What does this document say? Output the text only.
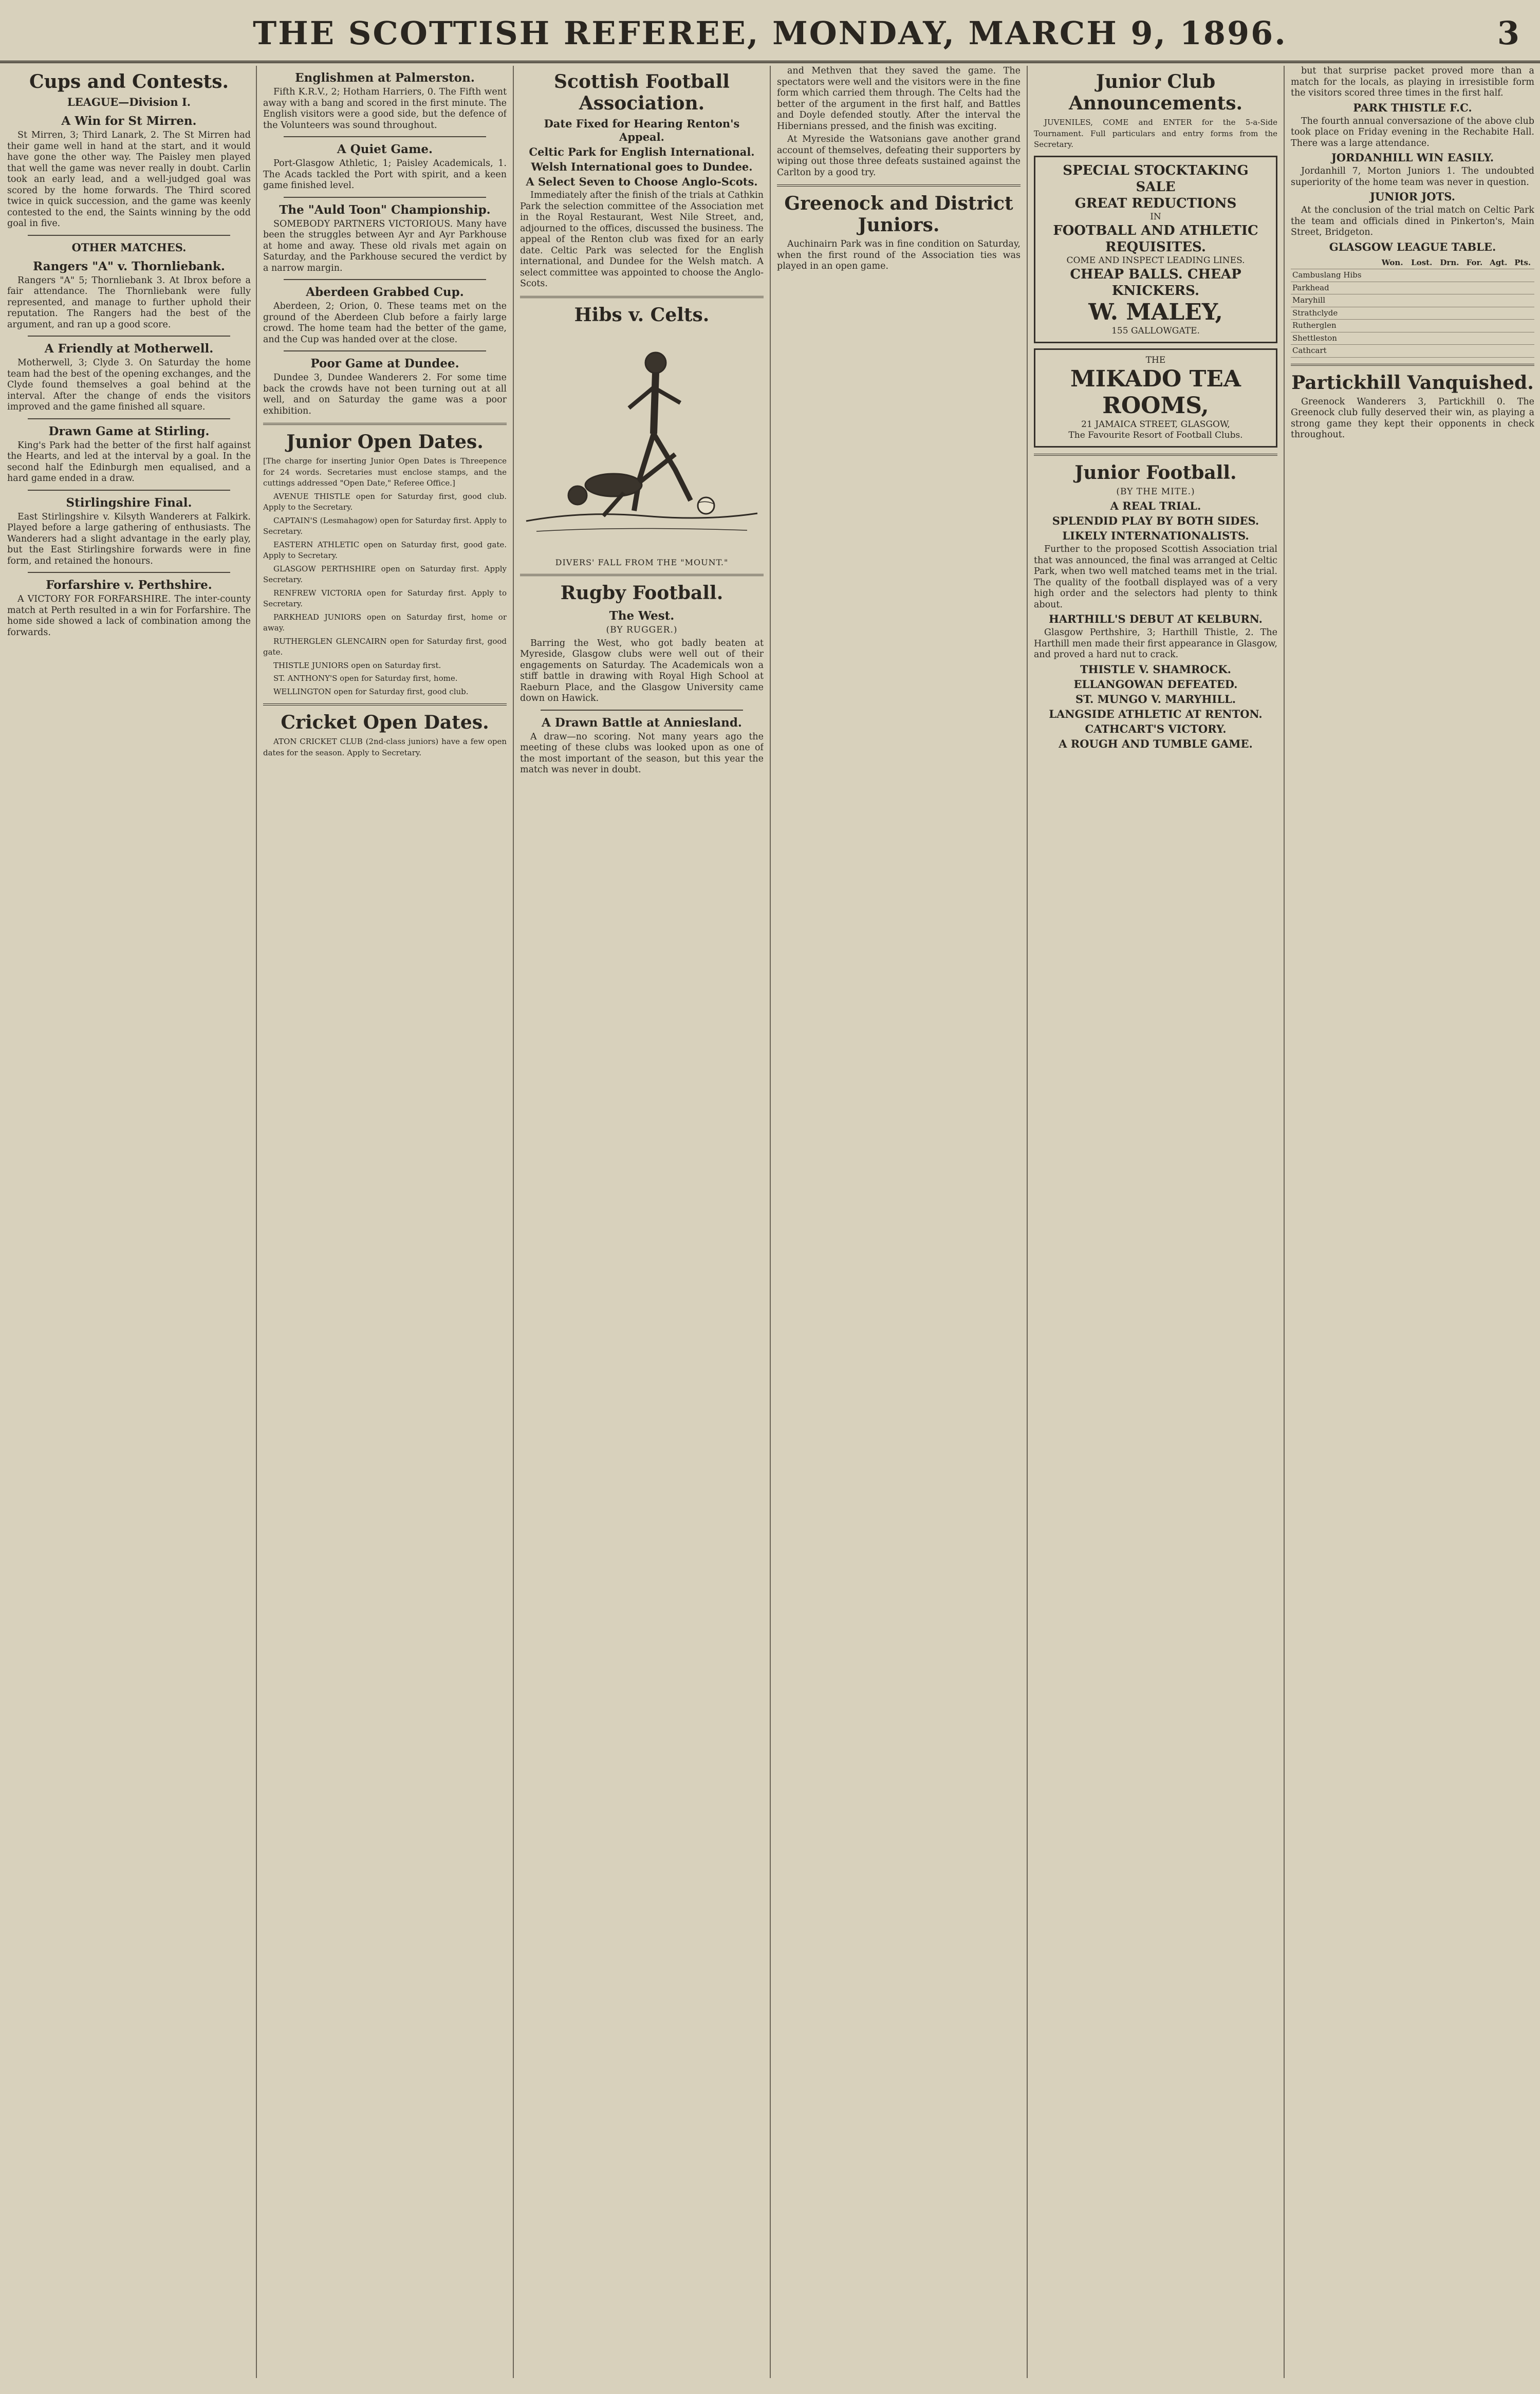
THE SCOTTISH REFEREE, MONDAY, MARCH 9, 1896.	3
Cups and Contests.
LEAGUE—Division I.
A Win for St Mirren.

St Mirren, 3; Third Lanark, 2. The St Mirren had their game well in hand at the start, and it would have gone the other way. The Paisley men played that well the game was never really in doubt. Carlin took an early lead, and a well-judged goal was scored by the home forwards. The Third scored twice in quick succession, and the game was keenly contested to the end, the Saints winning by the odd goal in five.

OTHER MATCHES.
Rangers "A" v. Thornliebank.

Rangers "A" 5; Thornliebank 3. At Ibrox before a fair attendance. The Thornliebank were fully represented, and manage to further uphold their reputation. The Rangers had the best of the argument, and ran up a good score.

A Friendly at Motherwell.

Motherwell, 3; Clyde 3. On Saturday the home team had the best of the opening exchanges, and the Clyde found themselves a goal behind at the interval. After the change of ends the visitors improved and the game finished all square.

Drawn Game at Stirling.

King's Park had the better of the first half against the Hearts, and led at the interval by a goal. In the second half the Edinburgh men equalised, and a hard game ended in a draw.

Stirlingshire Final.

East Stirlingshire v. Kilsyth Wanderers at Falkirk. Played before a large gathering of enthusiasts. The Wanderers had a slight advantage in the early play, but the East Stirlingshire forwards were in fine form, and retained the honours.

Forfarshire v. Perthshire.

A VICTORY FOR FORFARSHIRE. The inter-county match at Perth resulted in a win for Forfarshire. The home side showed a lack of combination among the forwards.

Englishmen at Palmerston.

Fifth K.R.V., 2; Hotham Harriers, 0. The Fifth went away with a bang and scored in the first minute. The English visitors were a good side, but the defence of the Volunteers was sound throughout.

A Quiet Game.

Port-Glasgow Athletic, 1; Paisley Academicals, 1. The Acads tackled the Port with spirit, and a keen game finished level.

The "Auld Toon" Championship.

SOMEBODY PARTNERS VICTORIOUS. Many have been the struggles between Ayr and Ayr Parkhouse at home and away. These old rivals met again on Saturday, and the Parkhouse secured the verdict by a narrow margin.

Aberdeen Grabbed Cup.

Aberdeen, 2; Orion, 0. These teams met on the ground of the Aberdeen Club before a fairly large crowd. The home team had the better of the game, and the Cup was handed over at the close.

Poor Game at Dundee.

Dundee 3, Dundee Wanderers 2. For some time back the crowds have not been turning out at all well, and on Saturday the game was a poor exhibition.

Junior Open Dates.

[The charge for inserting Junior Open Dates is Threepence for 24 words. Secretaries must enclose stamps, and the cuttings addressed "Open Date," Referee Office.]

AVENUE THISTLE open for Saturday first, good club. Apply to the Secretary.

CAPTAIN'S (Lesmahagow) open for Saturday first. Apply to Secretary.

EASTERN ATHLETIC open on Saturday first, good gate. Apply to Secretary.

GLASGOW PERTHSHIRE open on Saturday first. Apply Secretary.

RENFREW VICTORIA open for Saturday first. Apply to Secretary.

PARKHEAD JUNIORS open on Saturday first, home or away.

RUTHERGLEN GLENCAIRN open for Saturday first, good gate.

THISTLE JUNIORS open on Saturday first.

ST. ANTHONY'S open for Saturday first, home.

WELLINGTON open for Saturday first, good club.

Cricket Open Dates.

ATON CRICKET CLUB (2nd-class juniors) have a few open dates for the season. Apply to Secretary.

Scottish Football Association.
Date Fixed for Hearing Renton's Appeal.
Celtic Park for English International.
Welsh International goes to Dundee.
A Select Seven to Choose Anglo-Scots.

Immediately after the finish of the trials at Cathkin Park the selection committee of the Association met in the Royal Restaurant, West Nile Street, and, adjourned to the offices, discussed the business. The appeal of the Renton club was fixed for an early date. Celtic Park was selected for the English international, and Dundee for the Welsh match. A select committee was appointed to choose the Anglo-Scots.

Hibs v. Celts.
DIVERS' FALL FROM THE "MOUNT."
Rugby Football.
The West.
(BY RUGGER.)

Barring the West, who got badly beaten at Myreside, Glasgow clubs were well out of their engagements on Saturday. The Academicals won a stiff battle in drawing with Royal High School at Raeburn Place, and the Glasgow University came down on Hawick.

A Drawn Battle at Anniesland.

A draw—no scoring. Not many years ago the meeting of these clubs was looked upon as one of the most important of the season, but this year the match was never in doubt.

and Methven that they saved the game. The spectators were well and the visitors were in the fine form which carried them through. The Celts had the better of the argument in the first half, and Battles and Doyle defended stoutly. After the interval the Hibernians pressed, and the finish was exciting.

At Myreside the Watsonians gave another grand account of themselves, defeating their supporters by wiping out those three defeats sustained against the Carlton by a good try.

Greenock and District Juniors.

Auchinairn Park was in fine condition on Saturday, when the first round of the Association ties was played in an open game.

Junior Club Announcements.

JUVENILES, COME and ENTER for the 5-a-Side Tournament. Full particulars and entry forms from the Secretary.

SPECIAL STOCKTAKING SALE
GREAT REDUCTIONS
IN
FOOTBALL AND ATHLETIC REQUISITES.
COME AND INSPECT LEADING LINES.
CHEAP BALLS. CHEAP KNICKERS.
W. MALEY,
155 GALLOWGATE.
THE
MIKADO TEA ROOMS,
21 JAMAICA STREET, GLASGOW,
The Favourite Resort of Football Clubs.
Junior Football.
(BY THE MITE.)
A REAL TRIAL.
SPLENDID PLAY BY BOTH SIDES.
LIKELY INTERNATIONALISTS.

Further to the proposed Scottish Association trial that was announced, the final was arranged at Celtic Park, when two well matched teams met in the trial. The quality of the football displayed was of a very high order and the selectors had plenty to think about.

HARTHILL'S DEBUT AT KELBURN.

Glasgow Perthshire, 3; Harthill Thistle, 2. The Harthill men made their first appearance in Glasgow, and proved a hard nut to crack.

THISTLE V. SHAMROCK.
ELLANGOWAN DEFEATED.
ST. MUNGO V. MARYHILL.
LANGSIDE ATHLETIC AT RENTON.
CATHCART'S VICTORY.
A ROUGH AND TUMBLE GAME.

but that surprise packet proved more than a match for the locals, as playing in irresistible form the visitors scored three times in the first half.

PARK THISTLE F.C.

The fourth annual conversazione of the above club took place on Friday evening in the Rechabite Hall. There was a large attendance.

JORDANHILL WIN EASILY.

Jordanhill 7, Morton Juniors 1. The undoubted superiority of the home team was never in question.

JUNIOR JOTS.

At the conclusion of the trial match on Celtic Park the team and officials dined in Pinkerton's, Main Street, Bridgeton.

GLASGOW LEAGUE TABLE.
	Won.	Lost.	Drn.	For.	Agt.	Pts.
Cambuslang Hibs						
Parkhead						
Maryhill						
Strathclyde						
Rutherglen						
Shettleston						
Cathcart						
Partickhill Vanquished.

Greenock Wanderers 3, Partickhill 0. The Greenock club fully deserved their win, as playing a strong game they kept their opponents in check throughout.
